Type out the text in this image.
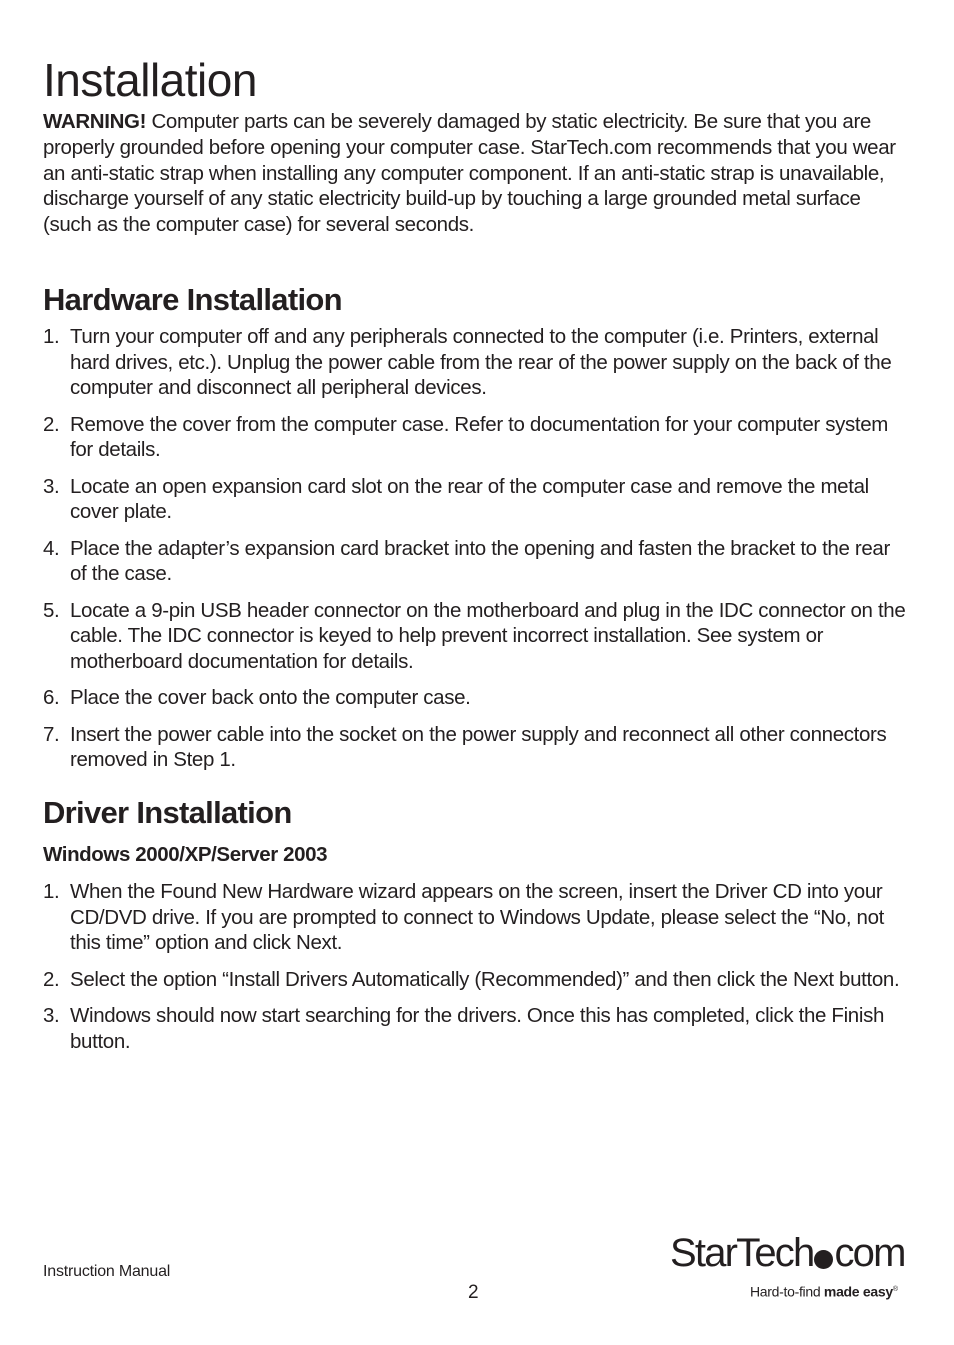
Installation

WARNING! Computer parts can be severely damaged by static electricity. Be sure that you are properly grounded before opening your computer case. StarTech.com recommends that you wear an anti-static strap when installing any computer component. If an anti-static strap is unavailable, discharge yourself of any static electricity build-up by touching a large grounded metal surface (such as the computer case) for several seconds.

Hardware Installation
1. Turn your computer off and any peripherals connected to the computer (i.e. Printers, external hard drives, etc.). Unplug the power cable from the rear of the power supply on the back of the computer and disconnect all peripheral devices.
2. Remove the cover from the computer case. Refer to documentation for your computer system for details.
3. Locate an open expansion card slot on the rear of the computer case and remove the metal cover plate.
4. Place the adapter’s expansion card bracket into the opening and fasten the bracket to the rear of the case.
5. Locate a 9-pin USB header connector on the motherboard and plug in the IDC connector on the cable. The IDC connector is keyed to help prevent incorrect installation. See system or motherboard documentation for details.
6. Place the cover back onto the computer case.
7. Insert the power cable into the socket on the power supply and reconnect all other connectors removed in Step 1.
Driver Installation
Windows 2000/XP/Server 2003
1. When the Found New Hardware wizard appears on the screen, insert the Driver CD into your CD/DVD drive. If you are prompted to connect to Windows Update, please select the “No, not this time” option and click Next.
2. Select the option “Install Drivers Automatically (Recommended)” and then click the Next button.
3. Windows should now start searching for the drivers. Once this has completed, click the Finish button.

Instruction Manual

2

StarTech com
Hard-to-find made easy®
